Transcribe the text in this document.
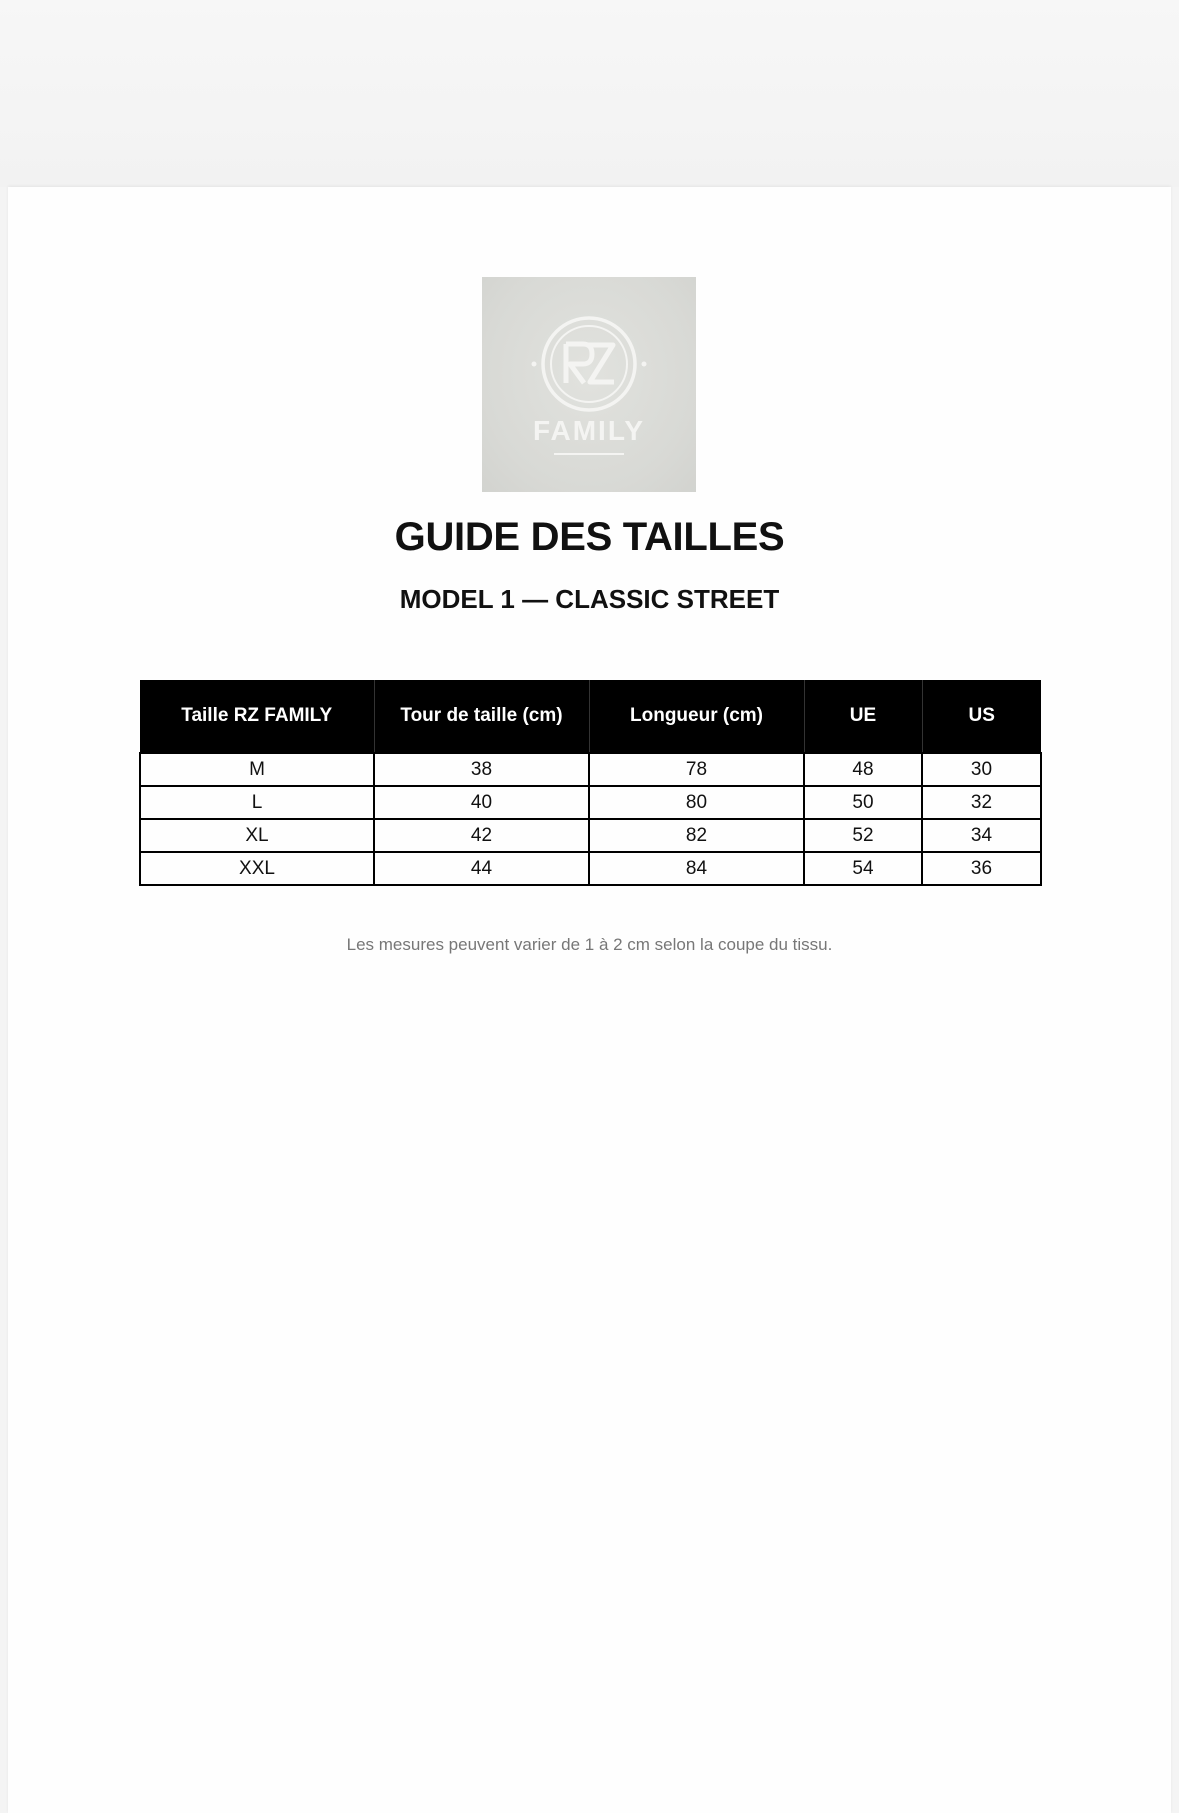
FAMILY
GUIDE DES TAILLES
MODEL 1 — CLASSIC STREET
Taille RZ FAMILY	Tour de taille (cm)	Longueur (cm)	UE	US
M	38	78	48	30
L	40	80	50	32
XL	42	82	52	34
XXL	44	84	54	36
Les mesures peuvent varier de 1 à 2 cm selon la coupe du tissu.
